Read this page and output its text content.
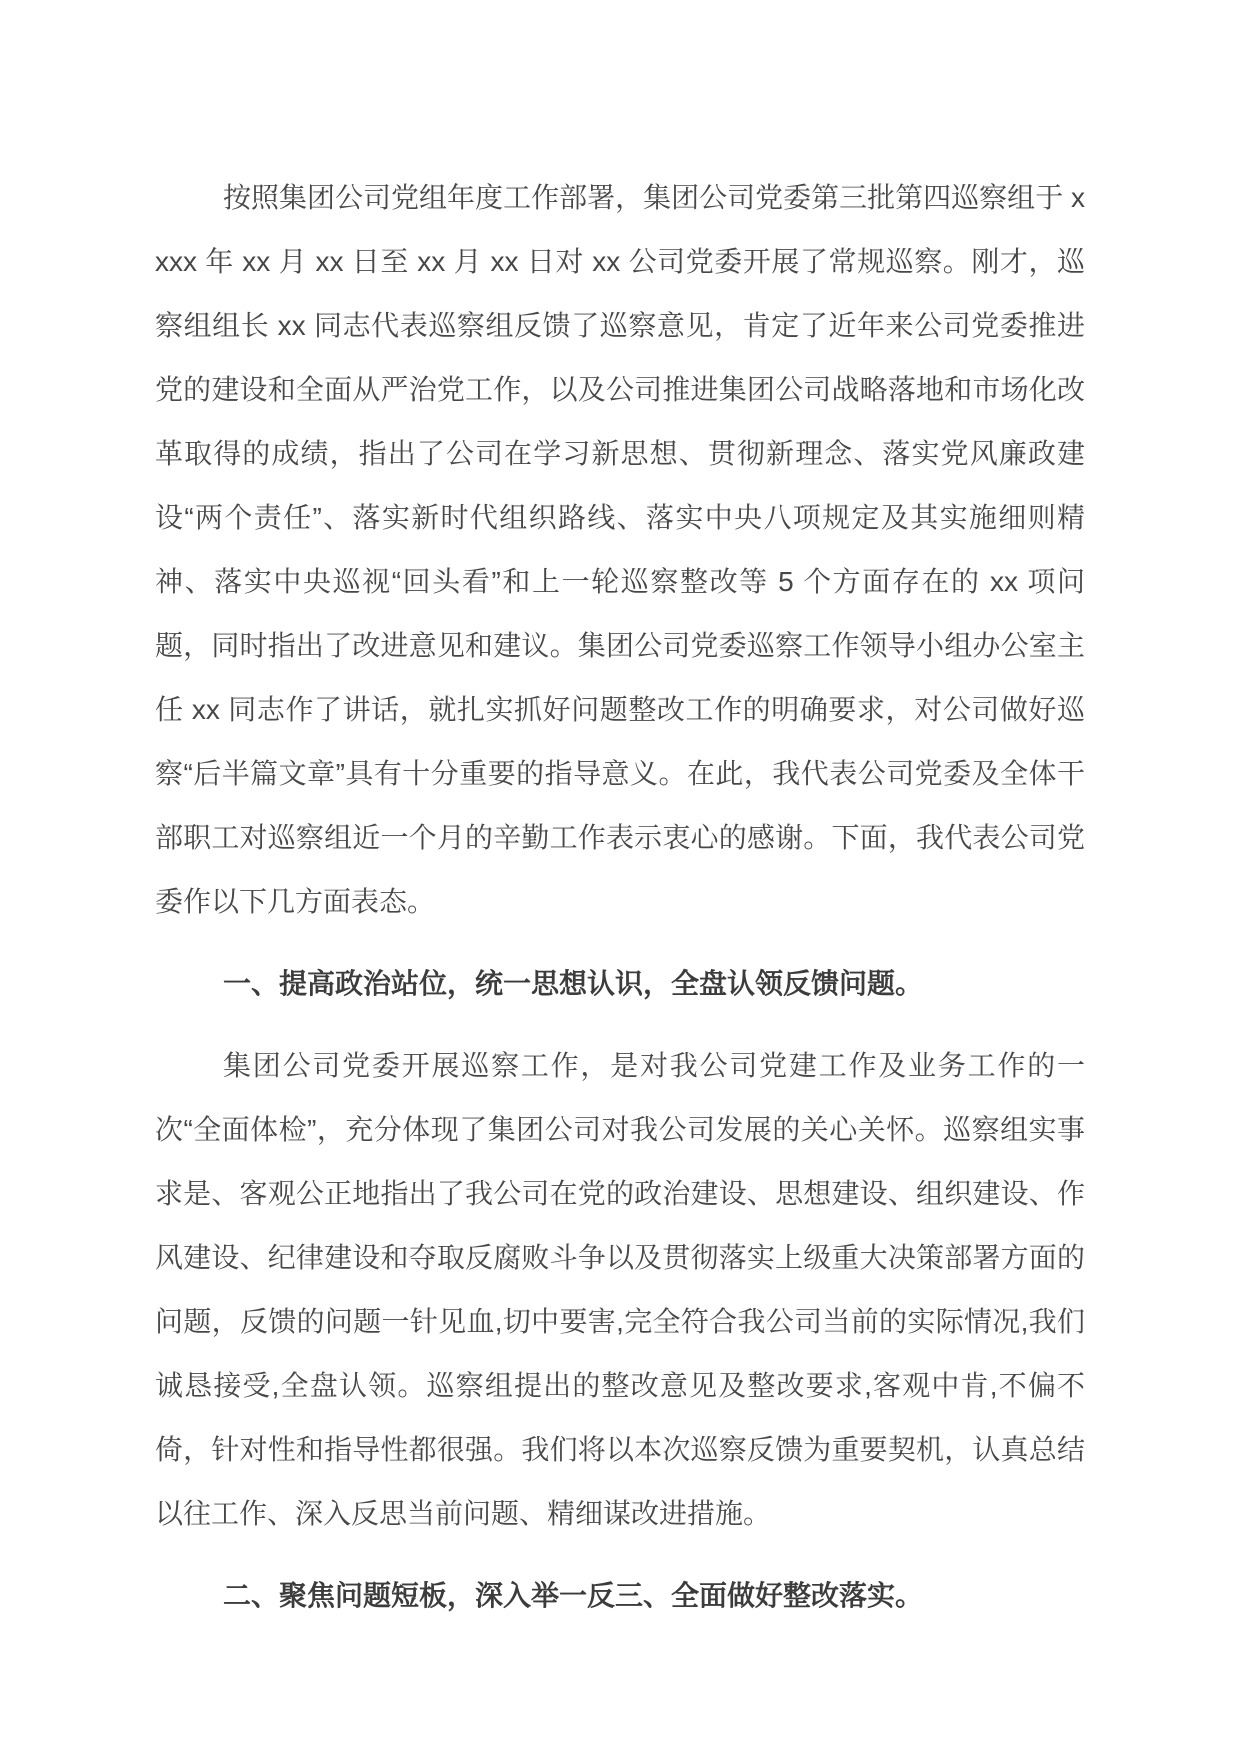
按照集团公司党组年度工作部署，集团公司党委第三批第四巡察组于 xxxx 年 xx 月 xx 日至 xx 月 xx 日对 xx 公司党委开展了常规巡察。刚才，巡察组组长 xx 同志代表巡察组反馈了巡察意见，肯定了近年来公司党委推进党的建设和全面从严治党工作，以及公司推进集团公司战略落地和市场化改革取得的成绩，指出了公司在学习新思想、贯彻新理念、落实党风廉政建设“两个责任”、落实新时代组织路线、落实中央八项规定及其实施细则精神、落实中央巡视“回头看”和上一轮巡察整改等 5 个方面存在的 xx 项问题，同时指出了改进意见和建议。集团公司党委巡察工作领导小组办公室主任 xx 同志作了讲话，就扎实抓好问题整改工作的明确要求，对公司做好巡察“后半篇文章”具有十分重要的指导意义。在此，我代表公司党委及全体干部职工对巡察组近一个月的辛勤工作表示衷心的感谢。下面，我代表公司党委作以下几方面表态。

一、提高政治站位，统一思想认识，全盘认领反馈问题。

集团公司党委开展巡察工作，是对我公司党建工作及业务工作的一次“全面体检”，充分体现了集团公司对我公司发展的关心关怀。巡察组实事求是、客观公正地指出了我公司在党的政治建设、思想建设、组织建设、作风建设、纪律建设和夺取反腐败斗争以及贯彻落实上级重大决策部署方面的问题，反馈的问题一针见血,切中要害,完全符合我公司当前的实际情况,我们诚恳接受,全盘认领。巡察组提出的整改意见及整改要求,客观中肯,不偏不倚，针对性和指导性都很强。我们将以本次巡察反馈为重要契机，认真总结以往工作、深入反思当前问题、精细谋改进措施。

二、聚焦问题短板，深入举一反三、全面做好整改落实。
